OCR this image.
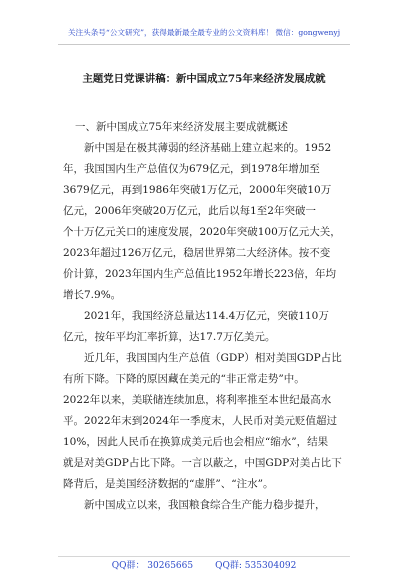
关注头条号“公文研究”，获得最新最全最专业的公文资料库！ 微信：gongwenyj
主题党日党课讲稿：新中国成立75年来经济发展成就
一、新中国成立75年来经济发展主要成就概述

　　新中国是在极其薄弱的经济基础上建立起来的。1952

年，我国国内生产总值仅为679亿元，到1978年增加至

3679亿元，再到1986年突破1万亿元，2000年突破10万

亿元，2006年突破20万亿元，此后以每1至2年突破一

个十万亿元关口的速度发展，2020年突破100万亿元大关，

2023年超过126万亿元，稳居世界第二大经济体。按不变

价计算，2023年国内生产总值比1952年增长223倍，年均

增长7.9%。

　　2021年，我国经济总量达114.4万亿元，突破110万

亿元，按年平均汇率折算，达17.7万亿美元。

　　近几年，我国国内生产总值（GDP）相对美国GDP占比

有所下降。下降的原因藏在美元的“非正常走势”中。

2022年以来，美联储连续加息，将利率推至本世纪最高水

平。2022年末到2024年一季度末，人民币对美元贬值超过

10%，因此人民币在换算成美元后也会相应“缩水”，结果

就是对美GDP占比下降。一言以蔽之，中国GDP对美占比下

降背后，是美国经济数据的“虚胖”、“注水”。

　　新中国成立以来，我国粮食综合生产能力稳步提升，

QQ群： 30265665 QQ群: 535304092
